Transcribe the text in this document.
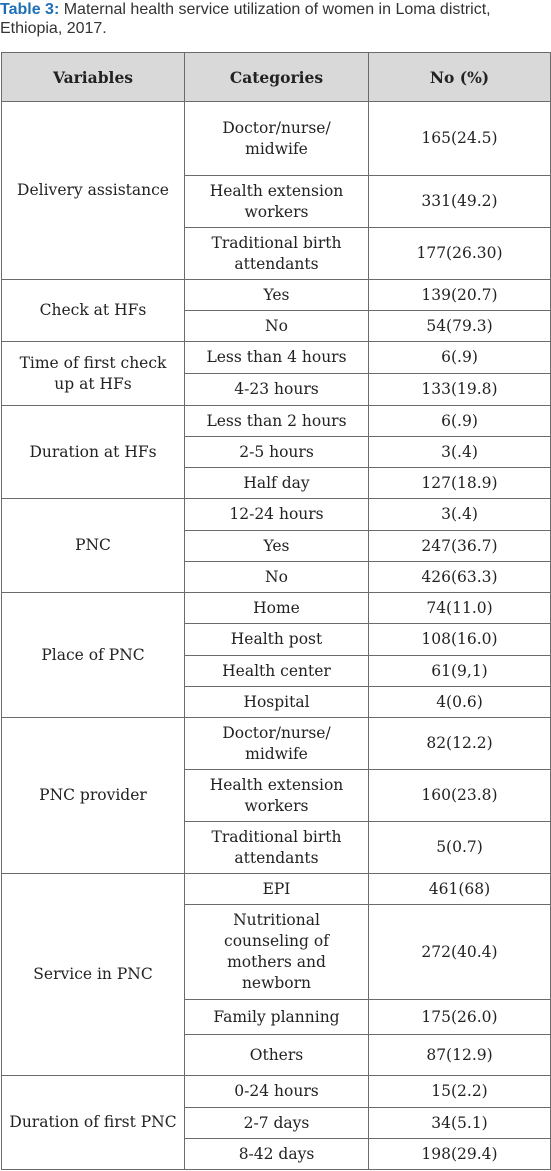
Table 3: Maternal health service utilization of women in Loma district, Ethiopia, 2017.
Variables	Categories	No (%)
Delivery assistance	Doctor/nurse/ midwife	165(24.5)
	Health extension workers	331(49.2)
	Traditional birth attendants	177(26.30)
Check at HFs	Yes	139(20.7)
	No	54(79.3)
Time of first check up at HFs	Less than 4 hours	6(.9)
	4-23 hours	133(19.8)
Duration at HFs	Less than 2 hours	6(.9)
	2-5 hours	3(.4)
	Half day	127(18.9)
PNC	12-24 hours	3(.4)
	Yes	247(36.7)
	No	426(63.3)
Place of PNC	Home	74(11.0)
	Health post	108(16.0)
	Health center	61(9,1)
	Hospital	4(0.6)
PNC provider	Doctor/nurse/ midwife	82(12.2)
	Health extension workers	160(23.8)
	Traditional birth attendants	5(0.7)
Service in PNC	EPI	461(68)
	Nutritional counseling of mothers and newborn	272(40.4)
	Family planning	175(26.0)
	Others	87(12.9)
Duration of first PNC	0-24 hours	15(2.2)
	2-7 days	34(5.1)
	8-42 days	198(29.4)
